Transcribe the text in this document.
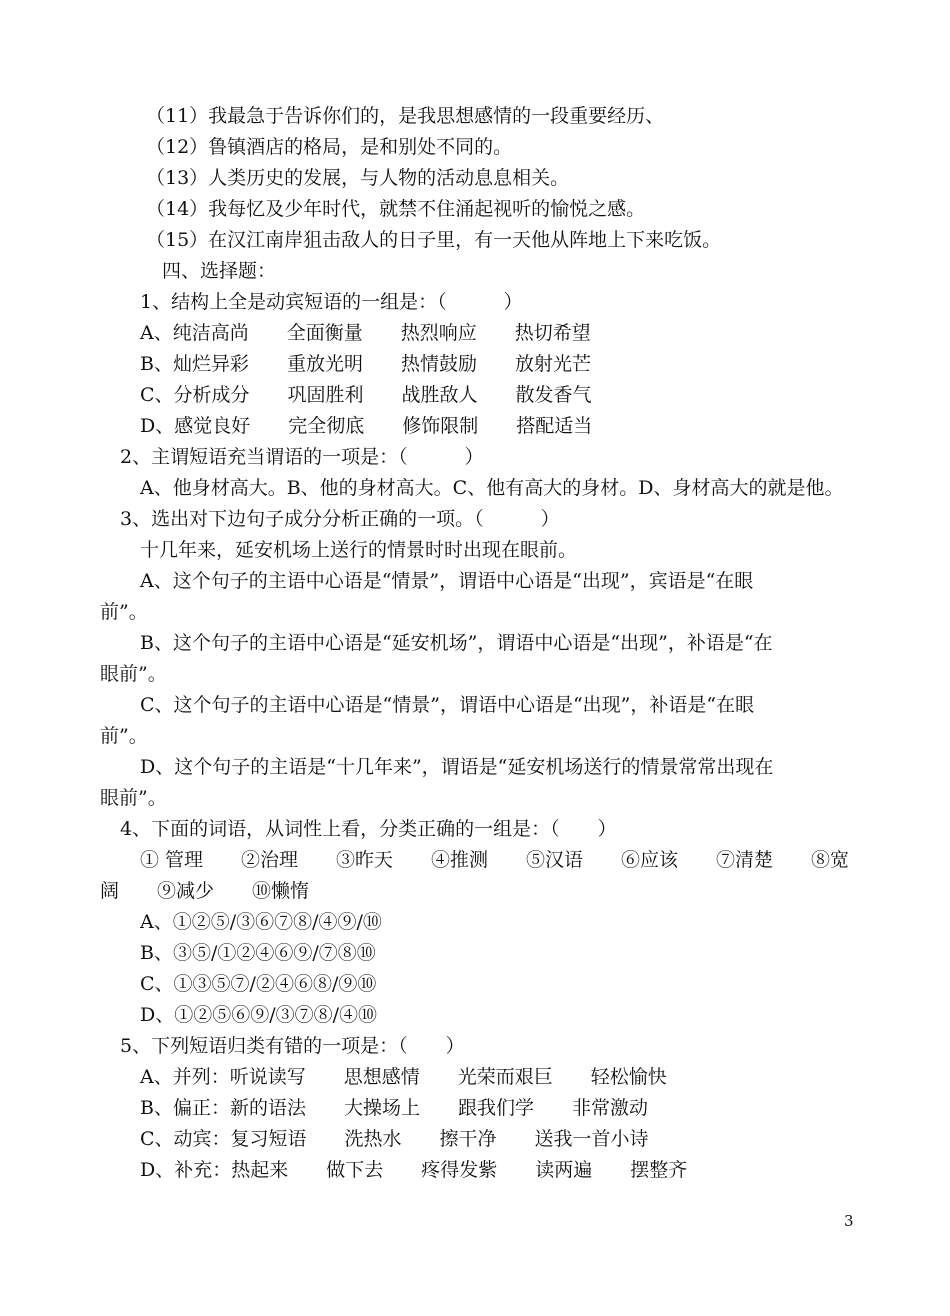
（11）我最急于告诉你们的，是我思想感情的一段重要经历、
（12）鲁镇酒店的格局，是和别处不同的。
（13）人类历史的发展，与人物的活动息息相关。
（14）我每忆及少年时代，就禁不住涌起视听的愉悦之感。
（15）在汉江南岸狙击敌人的日子里，有一天他从阵地上下来吃饭。
四、选择题：
1、结构上全是动宾短语的一组是：（　　　）
A、纯洁高尚　　全面衡量　　热烈响应　　热切希望
B、灿烂异彩　　重放光明　　热情鼓励　　放射光芒
C、分析成分　　巩固胜利　　战胜敌人　　散发香气
D、感觉良好　　完全彻底　　修饰限制　　搭配适当
2、主谓短语充当谓语的一项是：（　　　）
A、他身材高大。B、他的身材高大。C、他有高大的身材。D、身材高大的就是他。
3、选出对下边句子成分分析正确的一项。（　　　）
十几年来，延安机场上送行的情景时时出现在眼前。
A、这个句子的主语中心语是“情景”，谓语中心语是“出现”，宾语是“在眼
前”。
B、这个句子的主语中心语是“延安机场”，谓语中心语是“出现”，补语是“在
眼前”。
C、这个句子的主语中心语是“情景”，谓语中心语是“出现”，补语是“在眼
前”。
D、这个句子的主语是“十几年来”，谓语是“延安机场送行的情景常常出现在
眼前”。
4、下面的词语，从词性上看，分类正确的一组是：（　　）
① 管理　　②治理　　③昨天　　④推测　　⑤汉语　　⑥应该　　⑦清楚　　⑧宽
阔　　⑨减少　　⑩懒惰
A、①②⑤/③⑥⑦⑧/④⑨/⑩
B、③⑤/①②④⑥⑨/⑦⑧⑩
C、①③⑤⑦/②④⑥⑧/⑨⑩
D、①②⑤⑥⑨/③⑦⑧/④⑩
5、下列短语归类有错的一项是：（　　）
A、并列：听说读写　　思想感情　　光荣而艰巨　　轻松愉快
B、偏正：新的语法　　大操场上　　跟我们学　　非常激动
C、动宾：复习短语　　洗热水　　擦干净　　送我一首小诗
D、补充：热起来　　做下去　　疼得发紫　　读两遍　　摆整齐
3
